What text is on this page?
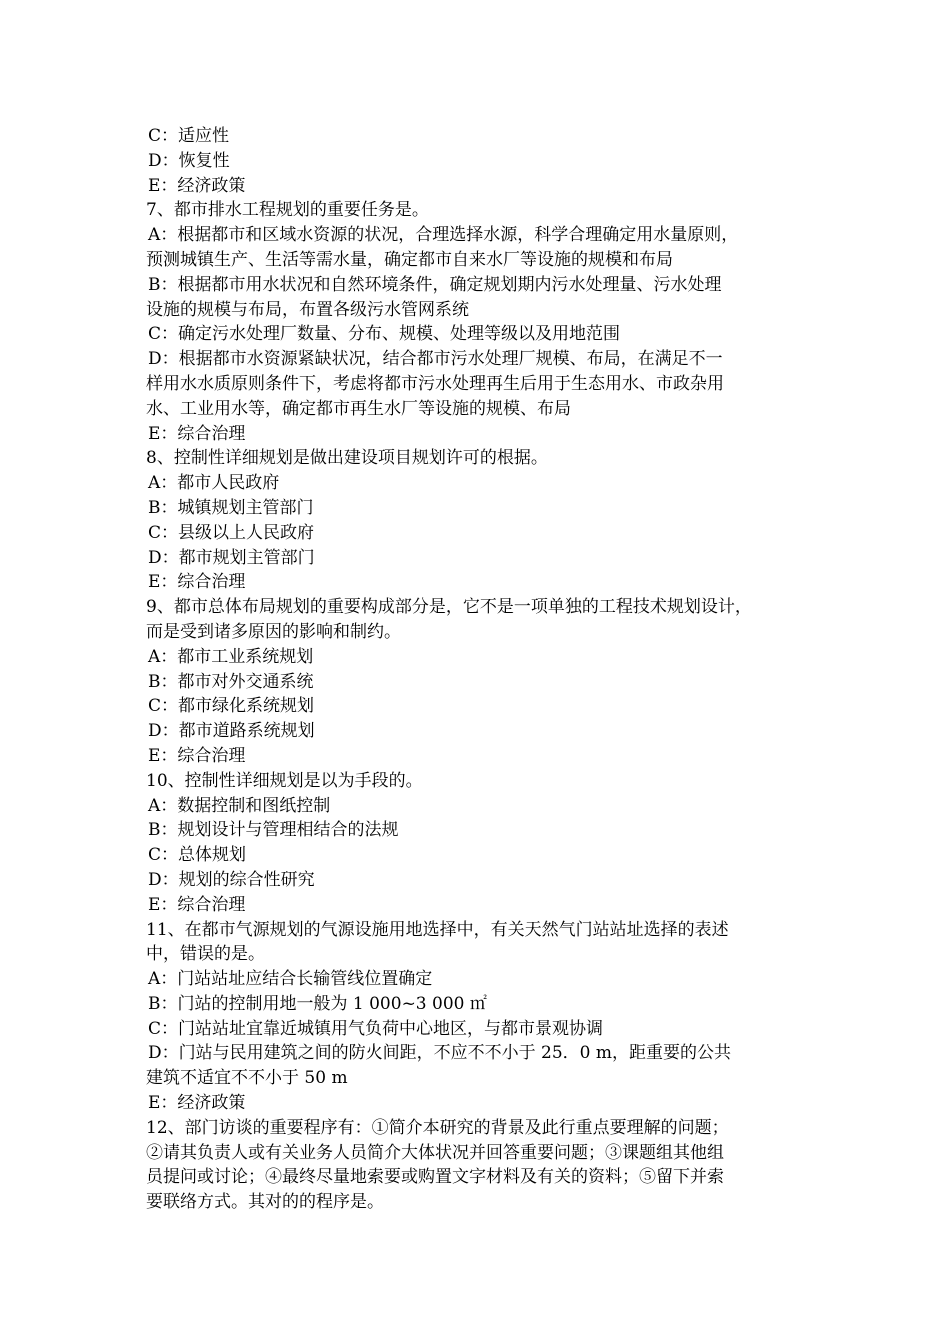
C：适应性
D：恢复性
E：经济政策
7、都市排水工程规划的重要任务是。
A：根据都市和区域水资源的状况，合理选择水源，科学合理确定用水量原则，
预测城镇生产、生活等需水量，确定都市自来水厂等设施的规模和布局
B：根据都市用水状况和自然环境条件，确定规划期内污水处理量、污水处理
设施的规模与布局，布置各级污水管网系统
C：确定污水处理厂数量、分布、规模、处理等级以及用地范围
D：根据都市水资源紧缺状况，结合都市污水处理厂规模、布局，在满足不一
样用水水质原则条件下，考虑将都市污水处理再生后用于生态用水、市政杂用
水、工业用水等，确定都市再生水厂等设施的规模、布局
E：综合治理
8、控制性详细规划是做出建设项目规划许可的根据。
A：都市人民政府
B：城镇规划主管部门
C：县级以上人民政府
D：都市规划主管部门
E：综合治理
9、都市总体布局规划的重要构成部分是，它不是一项单独的工程技术规划设计，
而是受到诸多原因的影响和制约。
A：都市工业系统规划
B：都市对外交通系统
C：都市绿化系统规划
D：都市道路系统规划
E：综合治理
10、控制性详细规划是以为手段的。
A：数据控制和图纸控制
B：规划设计与管理相结合的法规
C：总体规划
D：规划的综合性研究
E：综合治理
11、在都市气源规划的气源设施用地选择中，有关天然气门站站址选择的表述
中，错误的是。
A：门站站址应结合长输管线位置确定
B：门站的控制用地一般为 1 000~3 000 ㎡
C：门站站址宜靠近城镇用气负荷中心地区，与都市景观协调
D：门站与民用建筑之间的防火间距，不应不不小于 25．0 m，距重要的公共
建筑不适宜不不小于 50 m
E：经济政策
12、部门访谈的重要程序有：①简介本研究的背景及此行重点要理解的问题；
②请其负责人或有关业务人员简介大体状况并回答重要问题；③课题组其他组
员提问或讨论；④最终尽量地索要或购置文字材料及有关的资料；⑤留下并索
要联络方式。其对的的程序是。
